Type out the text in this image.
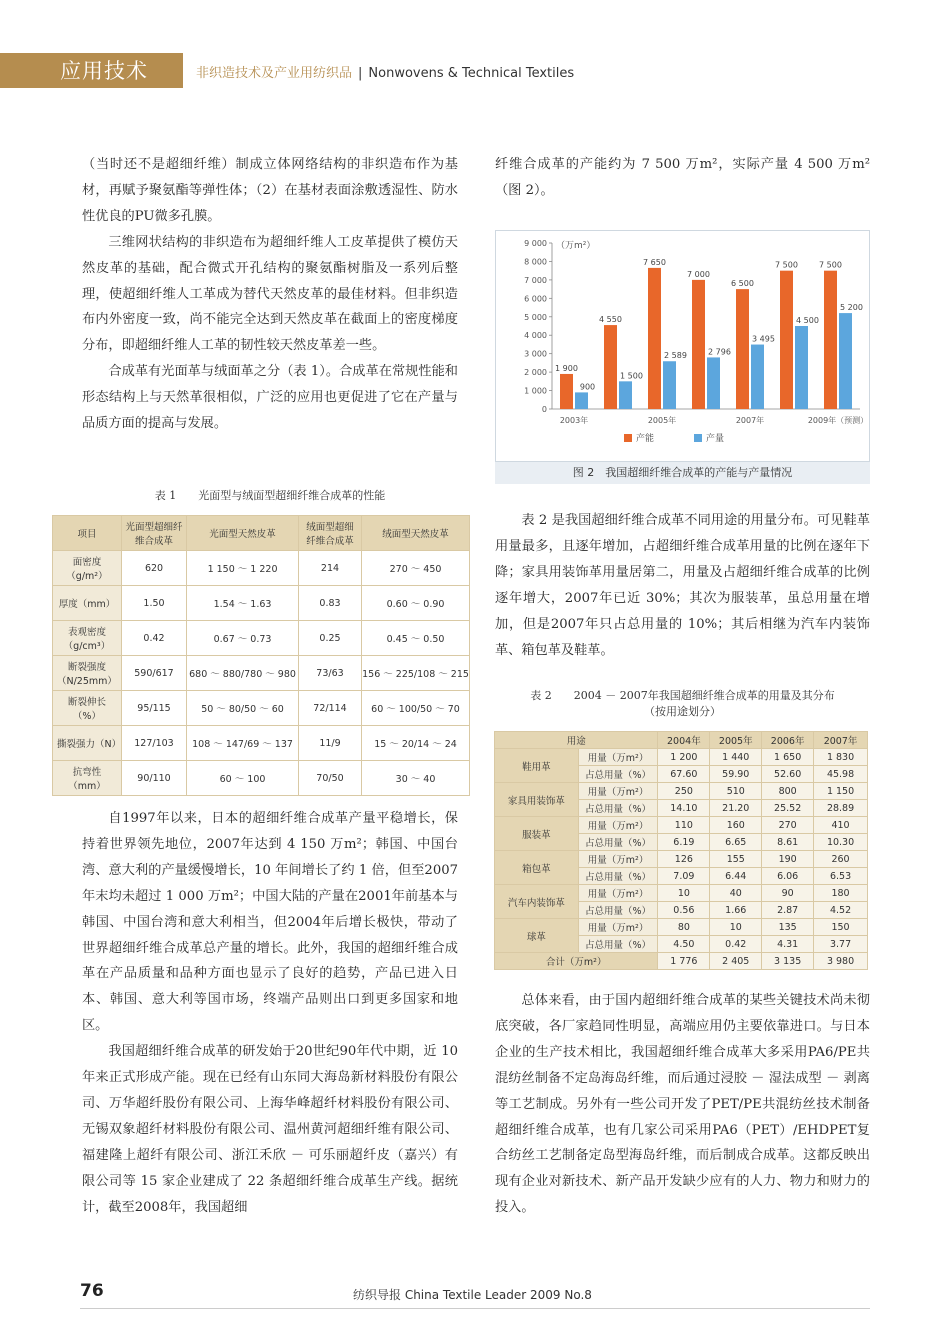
应用技术	非织造技术及产业用纺织品 | Nonwovens & Technical Textiles

（当时还不是超细纤维）制成立体网络结构的非织造布作为基材，再赋予聚氨酯等弹性体；（2）在基材表面涂敷透湿性、防水性优良的PU微多孔膜。

三维网状结构的非织造布为超细纤维人工皮革提供了模仿天然皮革的基础，配合微式开孔结构的聚氨酯树脂及一系列后整理，使超细纤维人工革成为替代天然皮革的最佳材料。但非织造布内外密度一致，尚不能完全达到天然皮革在截面上的密度梯度分布，即超细纤维人工革的韧性较天然皮革差一些。

合成革有光面革与绒面革之分（表 1）。合成革在常规性能和形态结构上与天然革很相似，广泛的应用也更促进了它在产量与品质方面的提高与发展。

表 1　　光面型与绒面型超细纤维合成革的性能
项目	光面型超细纤维合成革	光面型天然皮革	绒面型超细纤维合成革	绒面型天然皮革
面密度（g/m²）	620	1 150 ～ 1 220	214	270 ～ 450
厚度（mm）	1.50	1.54 ～ 1.63	0.83	0.60 ～ 0.90
表观密度（g/cm³）	0.42	0.67 ～ 0.73	0.25	0.45 ～ 0.50
断裂强度（N/25mm）	590/617	680 ～ 880/780 ～ 980	73/63	156 ～ 225/108 ～ 215
断裂伸长（%）	95/115	50 ～ 80/50 ～ 60	72/114	60 ～ 100/50 ～ 70
撕裂强力（N）	127/103	108 ～ 147/69 ～ 137	11/9	15 ～ 20/14 ～ 24
抗弯性（mm）	90/110	60 ～ 100	70/50	30 ～ 40

自1997年以来，日本的超细纤维合成革产量平稳增长，保持着世界领先地位，2007年达到 4 150 万m²；韩国、中国台湾、意大利的产量缓慢增长，10 年间增长了约 1 倍，但至2007年末均未超过 1 000 万m²；中国大陆的产量在2001年前基本与韩国、中国台湾和意大利相当，但2004年后增长极快，带动了世界超细纤维合成革总产量的增长。此外，我国的超细纤维合成革在产品质量和品种方面也显示了良好的趋势，产品已进入日本、韩国、意大利等国市场，终端产品则出口到更多国家和地区。

我国超细纤维合成革的研发始于20世纪90年代中期，近 10 年来正式形成产能。现在已经有山东同大海岛新材料股份有限公司、万华超纤股份有限公司、上海华峰超纤材料股份有限公司、无锡双象超纤材料股份有限公司、温州黄河超细纤维有限公司、福建隆上超纤有限公司、浙江禾欣 － 可乐丽超纤皮（嘉兴）有限公司等 15 家企业建成了 22 条超细纤维合成革生产线。据统计，截至2008年，我国超细

纤维合成革的产能约为 7 500 万m²，实际产量 4 500 万m²（图 2）。

（万m²）
0
1 000
2 000
3 000
4 000
5 000
6 000
7 000
8 000
9 000
1 900
900
4 550
1 500
7 650
2 589
7 000
2 796
6 500
3 495
7 500
4 500
7 500
5 200
2003年	2005年	2007年	2009年（预测）
产能	产量
图 2　我国超细纤维合成革的产能与产量情况

表 2 是我国超细纤维合成革不同用途的用量分布。可见鞋革用量最多，且逐年增加，占超细纤维合成革用量的比例在逐年下降；家具用装饰革用量居第二，用量及占超细纤维合成革的比例逐年增大，2007年已近 30%；其次为服装革，虽总用量在增加，但是2007年只占总用量的 10%；其后相继为汽车内装饰革、箱包革及鞋革。

表 2　　2004 － 2007年我国超细纤维合成革的用量及其分布
（按用途划分）
用途		2004年	2005年	2006年	2007年
鞋用革	用量（万m²）	1 200	1 440	1 650	1 830
	占总用量（%）	67.60	59.90	52.60	45.98
家具用装饰革	用量（万m²）	250	510	800	1 150
	占总用量（%）	14.10	21.20	25.52	28.89
服装革	用量（万m²）	110	160	270	410
	占总用量（%）	6.19	6.65	8.61	10.30
箱包革	用量（万m²）	126	155	190	260
	占总用量（%）	7.09	6.44	6.06	6.53
汽车内装饰革	用量（万m²）	10	40	90	180
	占总用量（%）	0.56	1.66	2.87	4.52
球革	用量（万m²）	80	10	135	150
	占总用量（%）	4.50	0.42	4.31	3.77
合计（万m²）		1 776	2 405	3 135	3 980

总体来看，由于国内超细纤维合成革的某些关键技术尚未彻底突破，各厂家趋同性明显，高端应用仍主要依靠进口。与日本企业的生产技术相比，我国超细纤维合成革大多采用PA6/PE共混纺丝制备不定岛海岛纤维，而后通过浸胶 － 湿法成型 － 剥离等工艺制成。另外有一些公司开发了PET/PE共混纺丝技术制备超细纤维合成革，也有几家公司采用PA6（PET）/EHDPET复合纺丝工艺制备定岛型海岛纤维，而后制成合成革。这都反映出现有企业对新技术、新产品开发缺少应有的人力、物力和财力的投入。

76	纺织导报 China Textile Leader 2009 No.8
